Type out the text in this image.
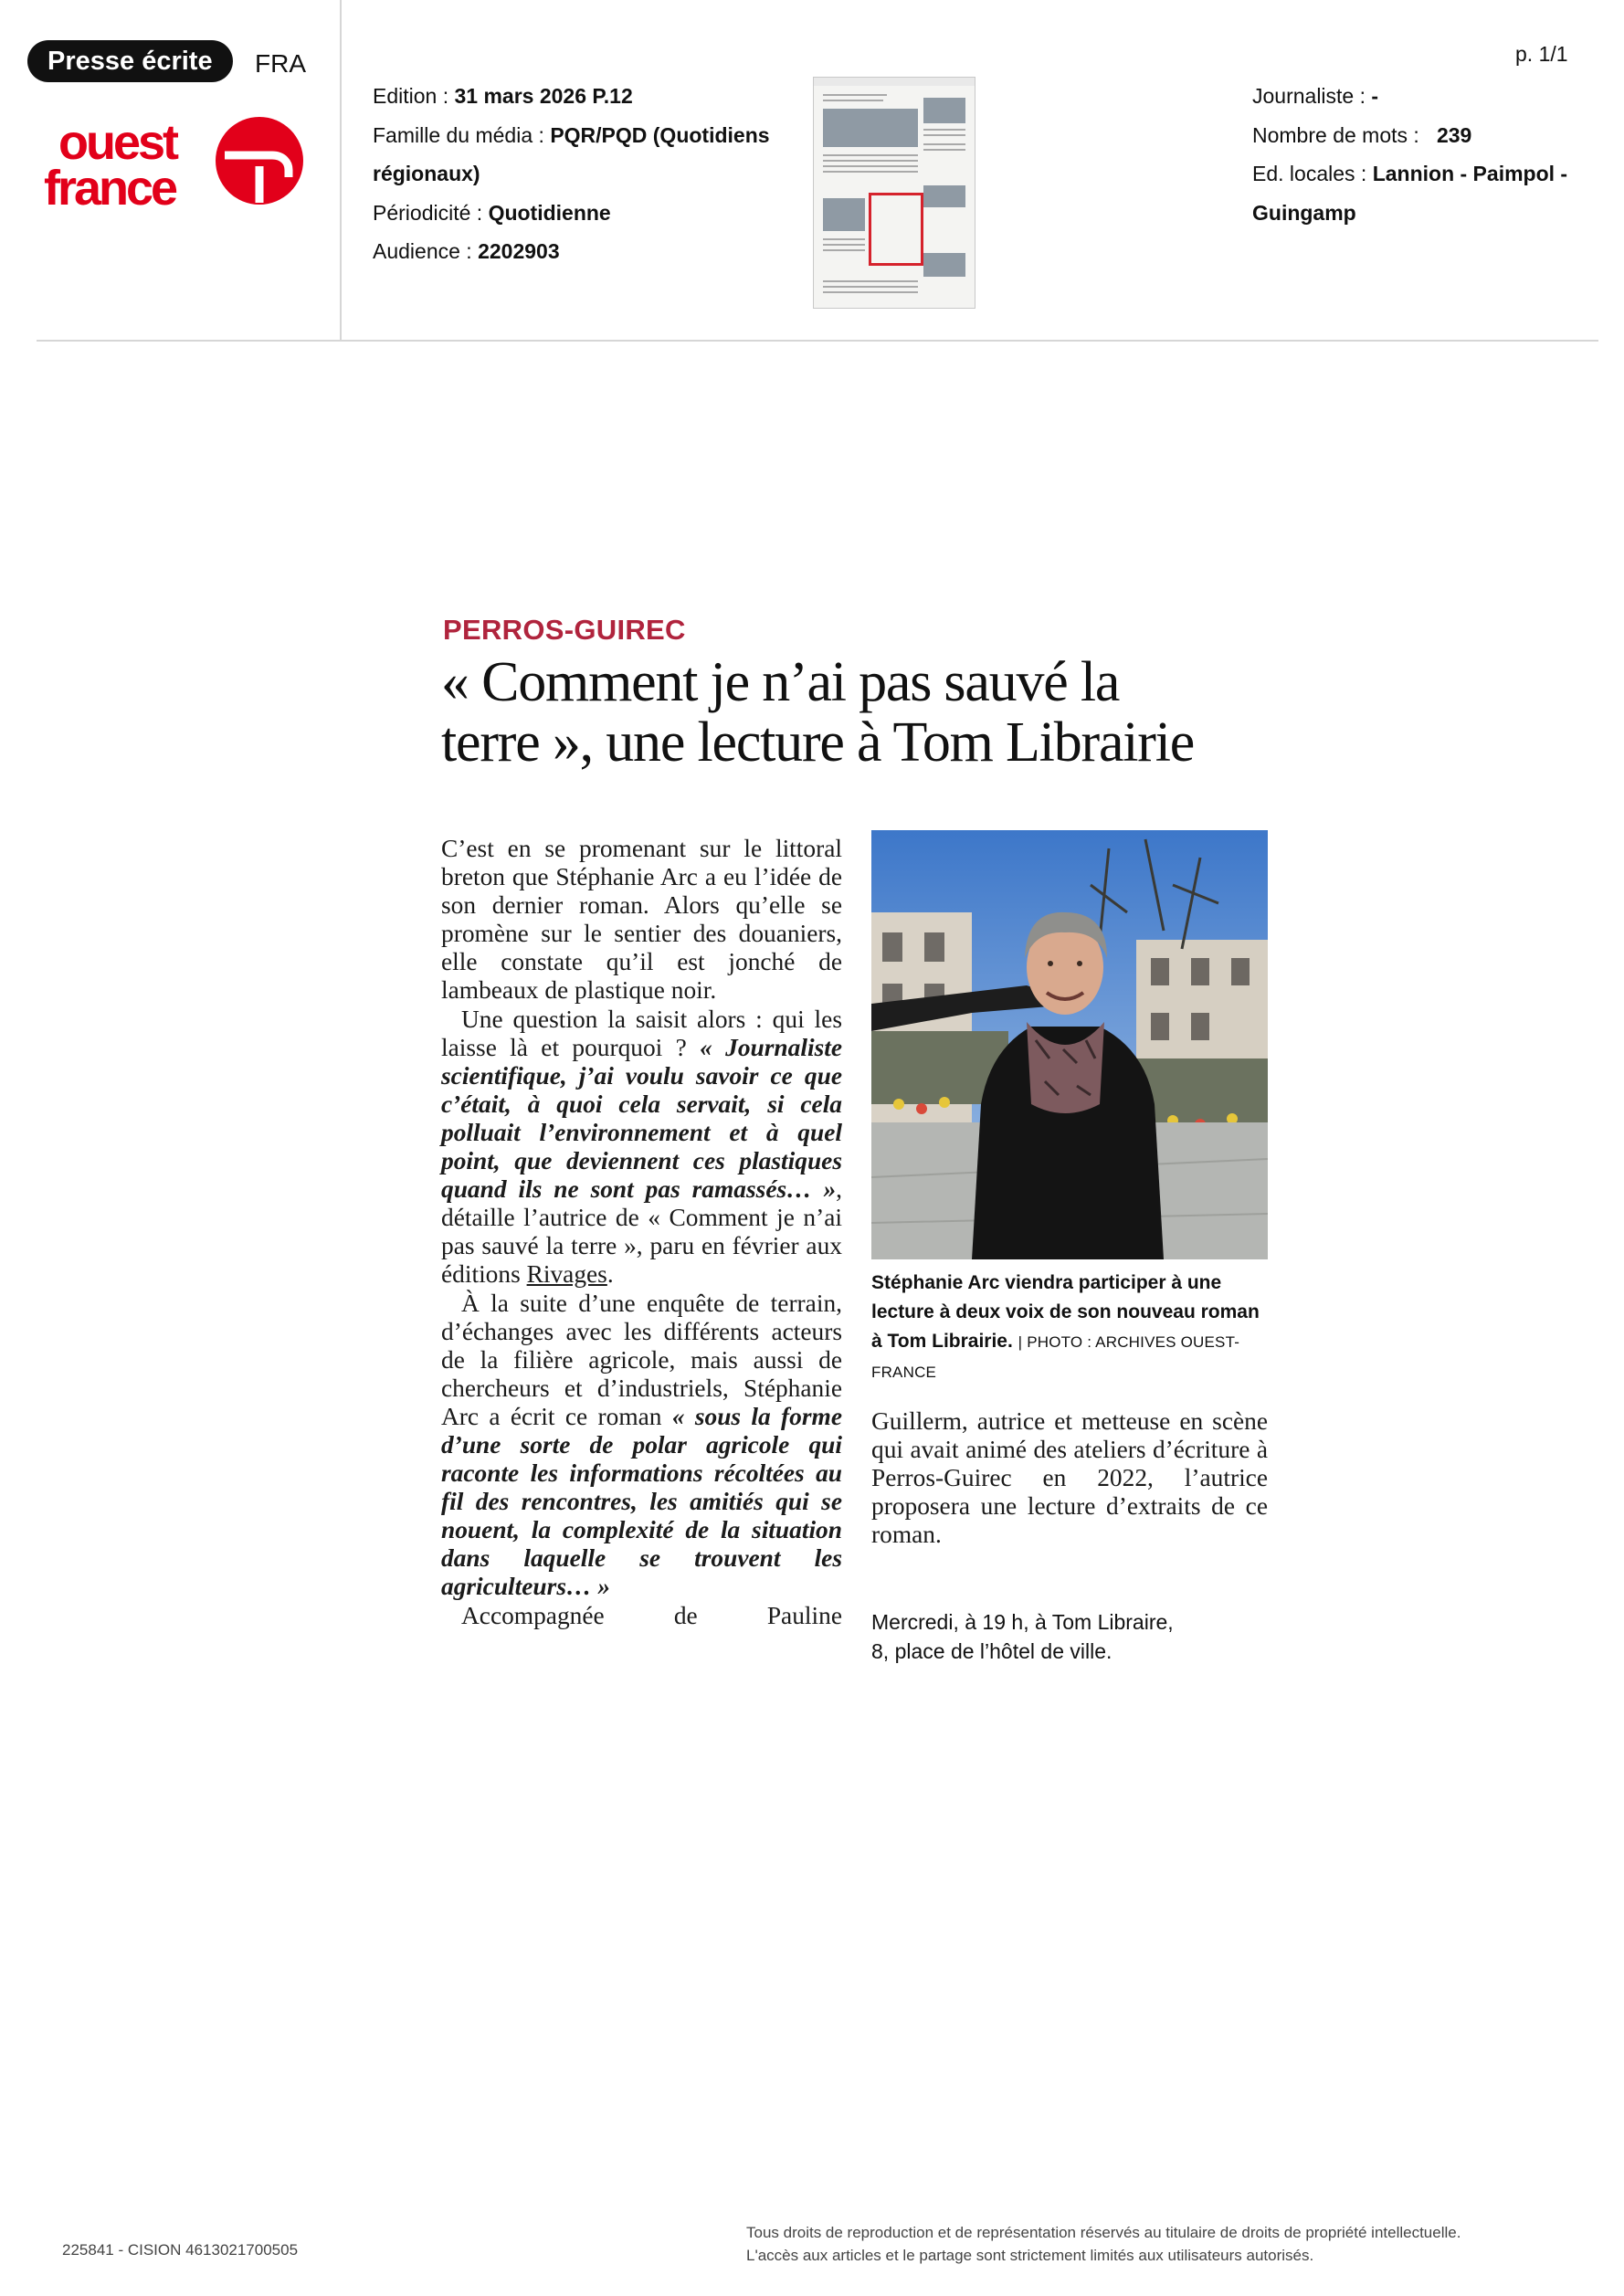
Presse écrite	FRA
ouest
france
Edition : 31 mars 2026 P.12
Famille du média : PQR/PQD (Quotidiens
régionaux)
Périodicité : Quotidienne
Audience : 2202903
Journaliste : -
Nombre de mots :   239
Ed. locales : Lannion - Paimpol -
Guingamp
p. 1/1
PERROS-GUIREC
« Comment je n’ai pas sauvé la
terre », une lecture à Tom Librairie

C’est en se promenant sur le littoral breton que Stéphanie Arc a eu l’idée de son dernier roman. Alors qu’elle se promène sur le sentier des douaniers, elle constate qu’il est jonché de lambeaux de plastique noir.

Une question la saisit alors : qui les laisse là et pourquoi ? « Journaliste scientifique, j’ai voulu savoir ce que c’était, à quoi cela servait, si cela polluait l’environnement et à quel point, que deviennent ces plastiques quand ils ne sont pas ramassés… », détaille l’autrice de « Comment je n’ai pas sauvé la terre », paru en février aux éditions Rivages.

À la suite d’une enquête de terrain, d’échanges avec les différents acteurs de la filière agricole, mais aussi de chercheurs et d’industriels, Stéphanie Arc a écrit ce roman « sous la forme d’une sorte de polar agricole qui raconte les informations récoltées au fil des rencontres, les amitiés qui se nouent, la complexité de la situation dans laquelle se trouvent les agriculteurs… »

Accompagnée de Pauline

Stéphanie Arc viendra participer à une lecture à deux voix de son nouveau roman à Tom Librairie. | PHOTO : ARCHIVES OUEST-FRANCE

Guillerm, autrice et metteuse en scène qui avait animé des ateliers d’écriture à Perros-Guirec en 2022, l’autrice proposera une lecture d’extraits de ce roman.

Mercredi, à 19 h, à Tom Libraire,
8, place de l’hôtel de ville.
225841 - CISION 4613021700505
Tous droits de reproduction et de représentation réservés au titulaire de droits de propriété intellectuelle.
L'accès aux articles et le partage sont strictement limités aux utilisateurs autorisés.
